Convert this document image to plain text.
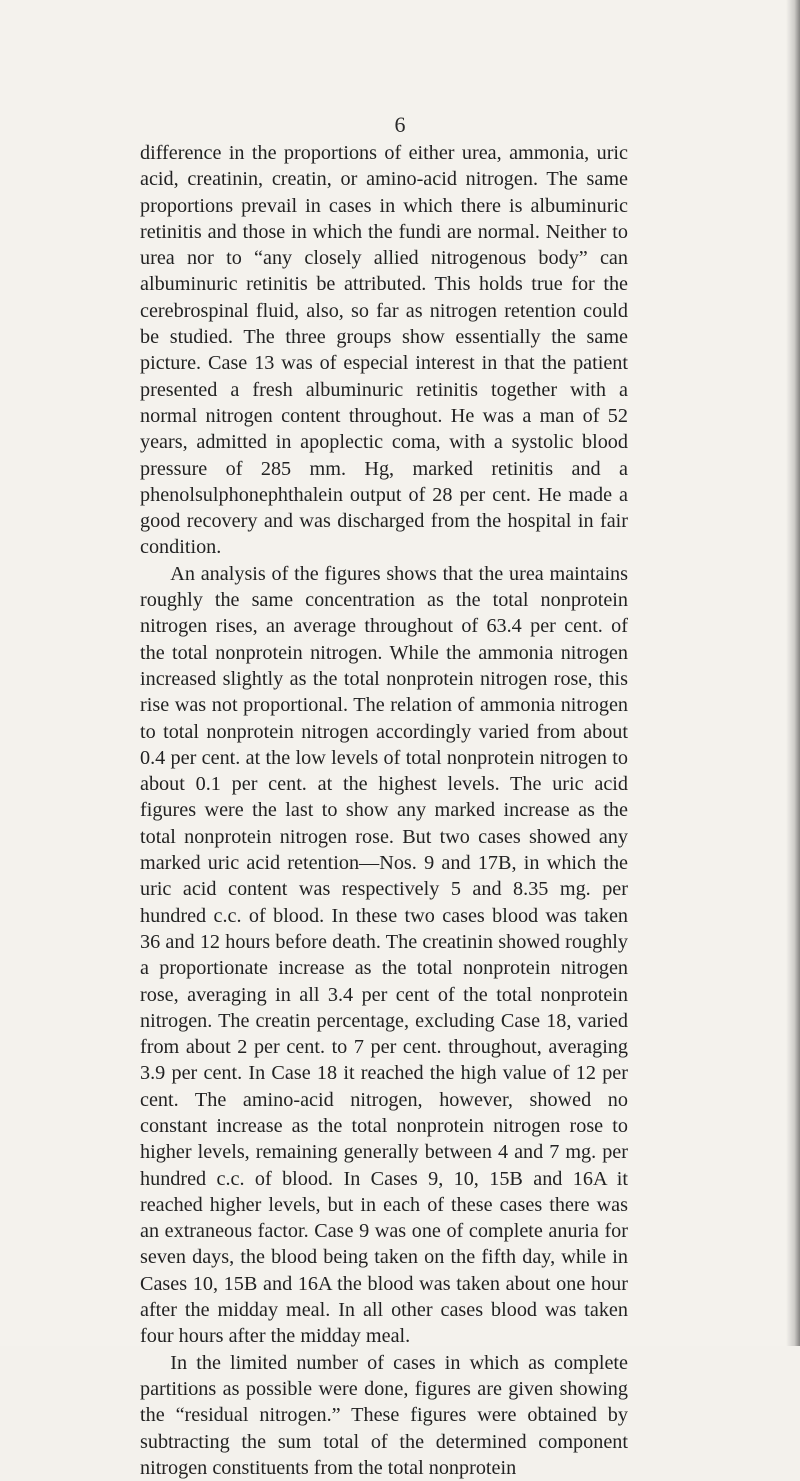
6

difference in the proportions of either urea, ammonia, uric acid, creatinin, creatin, or amino-acid nitrogen. The same proportions prevail in cases in which there is albuminuric retinitis and those in which the fundi are normal. Neither to urea nor to “any closely allied nitrogenous body” can albuminuric retinitis be attributed. This holds true for the cerebrospinal fluid, also, so far as nitrogen retention could be studied. The three groups show essentially the same picture. Case 13 was of especial interest in that the patient presented a fresh albuminuric retinitis together with a normal nitrogen content throughout. He was a man of 52 years, admitted in apoplectic coma, with a systolic blood pressure of 285 mm. Hg, marked retinitis and a phenolsulphonephthalein output of 28 per cent. He made a good recovery and was discharged from the hospital in fair condition.

An analysis of the figures shows that the urea maintains roughly the same concentration as the total nonprotein nitrogen rises, an average throughout of 63.4 per cent. of the total nonprotein nitrogen. While the ammonia nitrogen increased slightly as the total nonprotein nitrogen rose, this rise was not proportional. The relation of ammonia nitrogen to total nonprotein nitrogen accordingly varied from about 0.4 per cent. at the low levels of total nonprotein nitrogen to about 0.1 per cent. at the highest levels. The uric acid figures were the last to show any marked increase as the total nonprotein nitrogen rose. But two cases showed any marked uric acid retention—Nos. 9 and 17B, in which the uric acid content was respectively 5 and 8.35 mg. per hundred c.c. of blood. In these two cases blood was taken 36 and 12 hours before death. The creatinin showed roughly a proportionate increase as the total nonprotein nitrogen rose, averaging in all 3.4 per cent of the total nonprotein nitrogen. The creatin percentage, excluding Case 18, varied from about 2 per cent. to 7 per cent. throughout, averaging 3.9 per cent. In Case 18 it reached the high value of 12 per cent. The amino-acid nitrogen, however, showed no constant increase as the total nonprotein nitrogen rose to higher levels, remaining generally between 4 and 7 mg. per hundred c.c. of blood. In Cases 9, 10, 15B and 16A it reached higher levels, but in each of these cases there was an extraneous factor. Case 9 was one of complete anuria for seven days, the blood being taken on the fifth day, while in Cases 10, 15B and 16A the blood was taken about one hour after the midday meal. In all other cases blood was taken four hours after the midday meal.

In the limited number of cases in which as complete partitions as possible were done, figures are given showing the “residual nitrogen.” These figures were obtained by subtracting the sum total of the determined component nitrogen constituents from the total nonprotein
